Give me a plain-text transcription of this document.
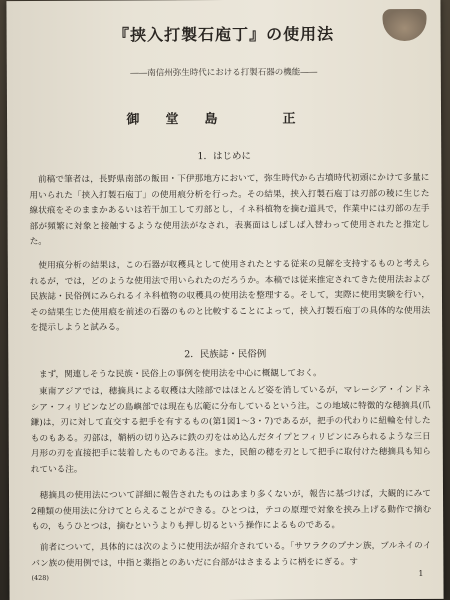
『挟入打製石庖丁』の使用法
――南信州弥生時代における打製石器の機能――
御堂島　正
1．はじめに
前稿で筆者は，長野県南部の飯田・下伊那地方において，弥生時代から古墳時代初頭にかけて多量に用いられた「挟入打製石庖丁」の使用痕分析を行った。その結果，挟入打製石庖丁は刃部の稜に生じた線状痕をそのままかあるいは若干加工して刃部とし，イネ科植物を摘む道具で，作業中には刃部の左手部が頻繁に対象と接触するような使用法がなされ，表裏面はしばしば入替わって使用されたと推定した。
使用痕分析の結果は，この石器が収穫具として使用されたとする従来の見解を支持するものと考えられるが，では，どのような使用法で用いられたのだろうか。本稿では従来推定されてきた使用法および民族誌・民俗例にみられるイネ科植物の収穫具の使用法を整理する。そして，実際に使用実験を行い，その結果生じた使用痕を前述の石器のものと比較することによって，挟入打製石庖丁の具体的な使用法を提示しようと試みる。
2．民族誌・民俗例
まず，関連しそうな民族・民俗上の事例を使用法を中心に概観しておく。
東南アジアでは，穂摘具による収穫は大陸部ではほとんど姿を消しているが，マレーシア・インドネシア・フィリピンなどの島嶼部では現在も広範に分布しているという注。この地域に特徴的な穂摘具(爪鎌)は，刃に対して直交する把手を有するもの(第1図1〜3・7)であるが，把手の代わりに紐輪を付したものもある。刃部は，鞘柄の切り込みに鉄の刃をはめ込んだタイプとフィリピンにみられるような三日月形の刃を直接把手に装着したものである注。また，民館の穂を刃として把手に取付けた穂摘具も知られている注。
穂摘具の使用法について詳細に報告されたものはあまり多くないが，報告に基づけば，大観的にみて2種類の使用法に分けてとらえることができる。ひとつは，テコの原理で対象を挟み上げる動作で摘むもの，もうひとつは，摘むというよりも押し切るという操作によるものである。
前者について，具体的には次のように使用法が紹介されている。「サワラクのプナン族，ブルネイのイバン族の使用例では，中指と薬指とのあいだに台部がはさまるように柄をにぎる。す
(428)	1
